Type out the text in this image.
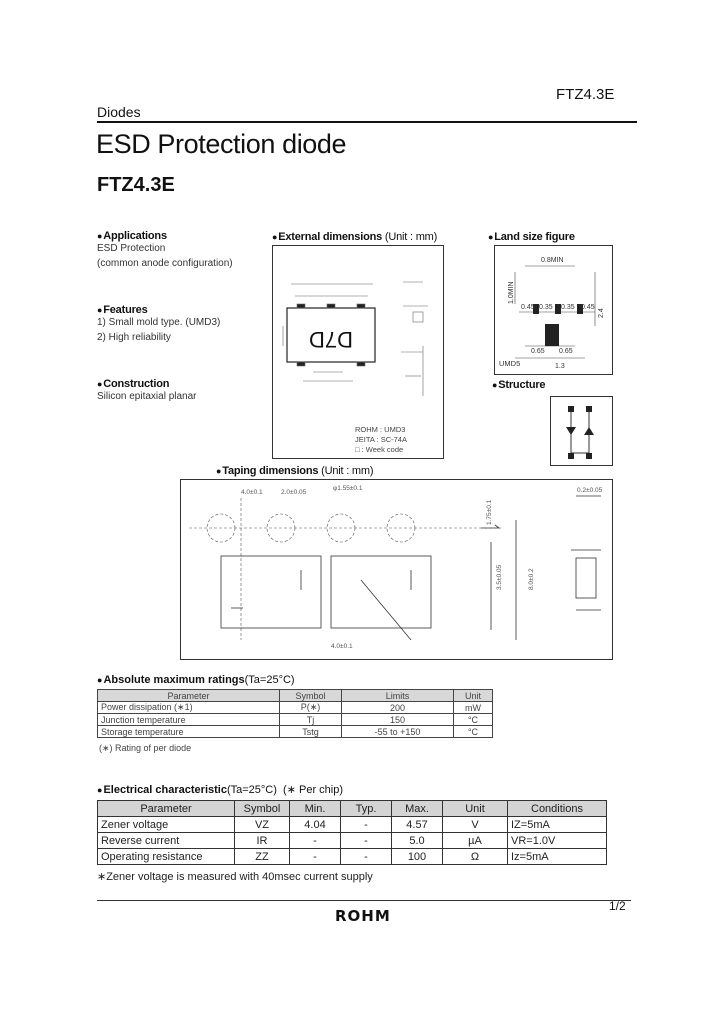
FTZ4.3E
Diodes
ESD Protection diode
FTZ4.3E
●Applications
ESD Protection
(common anode configuration)
●Features
1) Small mold type. (UMD3)
2) High reliability
●Construction
Silicon epitaxial planar
●External dimensions (Unit : mm)
D7D
ROHM : UMD3
JEITA : SC-74A
□ : Week code
●Land size figure
0.8MIN
1.0MIN
0.45 0.35 0.35 0.45
2.4
0.65 0.65
1.3
UMD5
●Structure
●Taping dimensions (Unit : mm)
4.0±0.1	2.0±0.05
φ1.55±0.1
8.0±0.2
3.5±0.05
1.75±0.1
4.0±0.1
0.2±0.05
●Absolute maximum ratings(Ta=25°C)
Parameter	Symbol	Limits	Unit
Power dissipation (∗1)	P(∗)	200	mW
Junction temperature	Tj	150	°C
Storage temperature	Tstg	-55 to +150	°C
(∗) Rating of per diode
●Electrical characteristic(Ta=25°C) (∗ Per chip)
Parameter	Symbol	Min.	Typ.	Max.	Unit	Conditions
Zener voltage	VZ	4.04	-	4.57	V	IZ=5mA
Reverse current	IR	-	-	5.0	µA	VR=1.0V
Operating resistance	ZZ	-	-	100	Ω	Iz=5mA
∗Zener voltage is measured with 40msec current supply
1/2
ROHM
